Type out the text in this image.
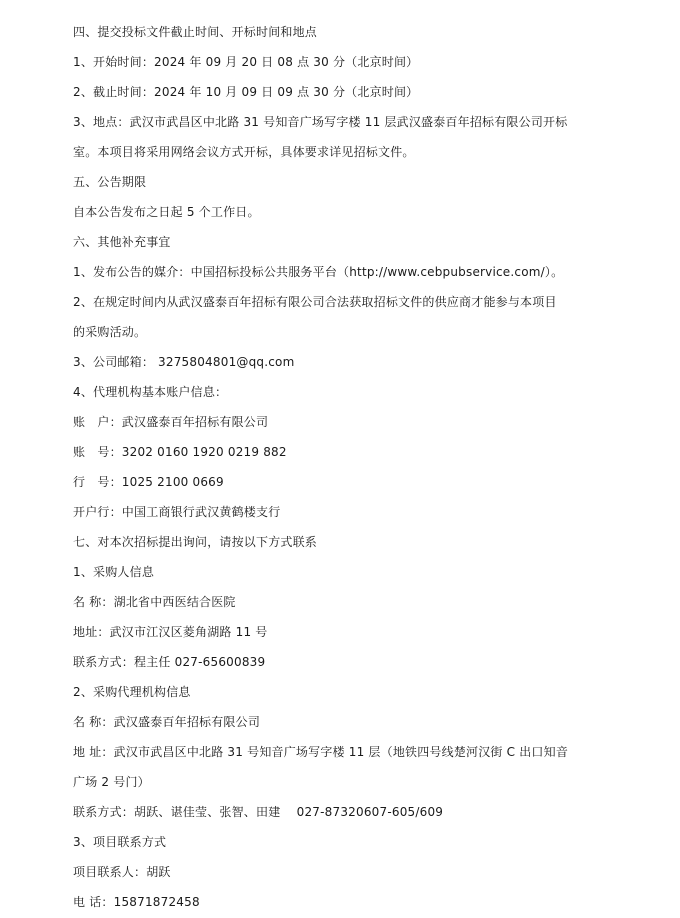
四、提交投标文件截止时间、开标时间和地点
1、开始时间：2024 年 09 月 20 日 08 点 30 分（北京时间）
2、截止时间：2024 年 10 月 09 日 09 点 30 分（北京时间）
3、地点：武汉市武昌区中北路 31 号知音广场写字楼 11 层武汉盛泰百年招标有限公司开标
室。本项目将采用网络会议方式开标，具体要求详见招标文件。
五、公告期限
自本公告发布之日起 5 个工作日。
六、其他补充事宜
1、发布公告的媒介：中国招标投标公共服务平台（http://www.cebpubservice.com/）。
2、在规定时间内从武汉盛泰百年招标有限公司合法获取招标文件的供应商才能参与本项目
的采购活动。
3、公司邮箱： 3275804801@qq.com
4、代理机构基本账户信息：
账　户：武汉盛泰百年招标有限公司
账　号：3202 0160 1920 0219 882
行　号：1025 2100 0669
开户行：中国工商银行武汉黄鹤楼支行
七、对本次招标提出询问，请按以下方式联系
1、采购人信息
名 称：湖北省中西医结合医院
地址：武汉市江汉区菱角湖路 11 号
联系方式：程主任 027-65600839
2、采购代理机构信息
名 称：武汉盛泰百年招标有限公司
地 址：武汉市武昌区中北路 31 号知音广场写字楼 11 层（地铁四号线楚河汉街 C 出口知音
广场 2 号门）
联系方式：胡跃、谌佳莹、张智、田建　 027-87320607-605/609
3、项目联系方式
项目联系人：胡跃
电 话：15871872458
